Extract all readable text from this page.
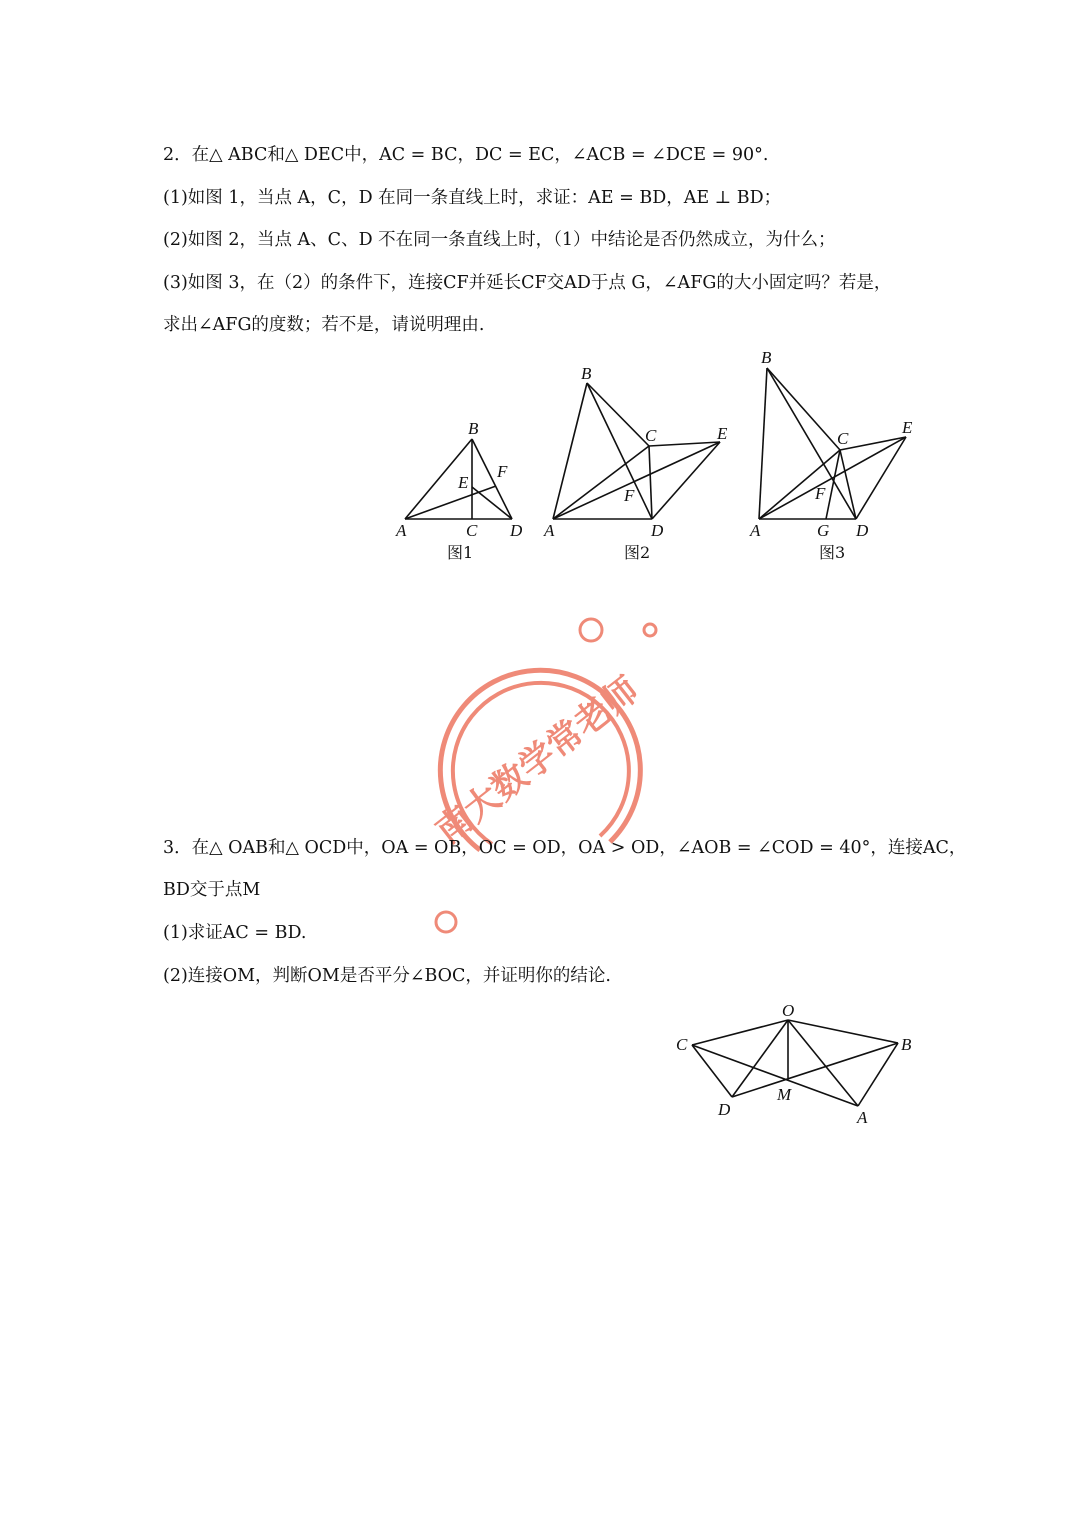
2．在△ ABC和△ DEC中，AC = BC，DC = EC，∠ACB = ∠DCE = 90°.
(1)如图 1，当点 A，C，D 在同一条直线上时，求证：AE = BD，AE ⊥ BD；
(2)如图 2，当点 A、C、D 不在同一条直线上时，（1）中结论是否仍然成立，为什么；
(3)如图 3，在（2）的条件下，连接CF并延长CF交AD于点 G，∠AFG的大小固定吗？若是，
求出∠AFG的度数；若不是，请说明理由.
B
E
F
A	C D
图1
B
C	E
F
A	D
图2
B
C
E
F
A	G D
图3
南大数学常老师
3．在△ OAB和△ OCD中，OA = OB，OC = OD，OA > OD，∠AOB = ∠COD = 40°，连接AC，
BD交于点M
(1)求证AC = BD.
(2)连接OM，判断OM是否平分∠BOC，并证明你的结论.
O
C	B
M
D	A
